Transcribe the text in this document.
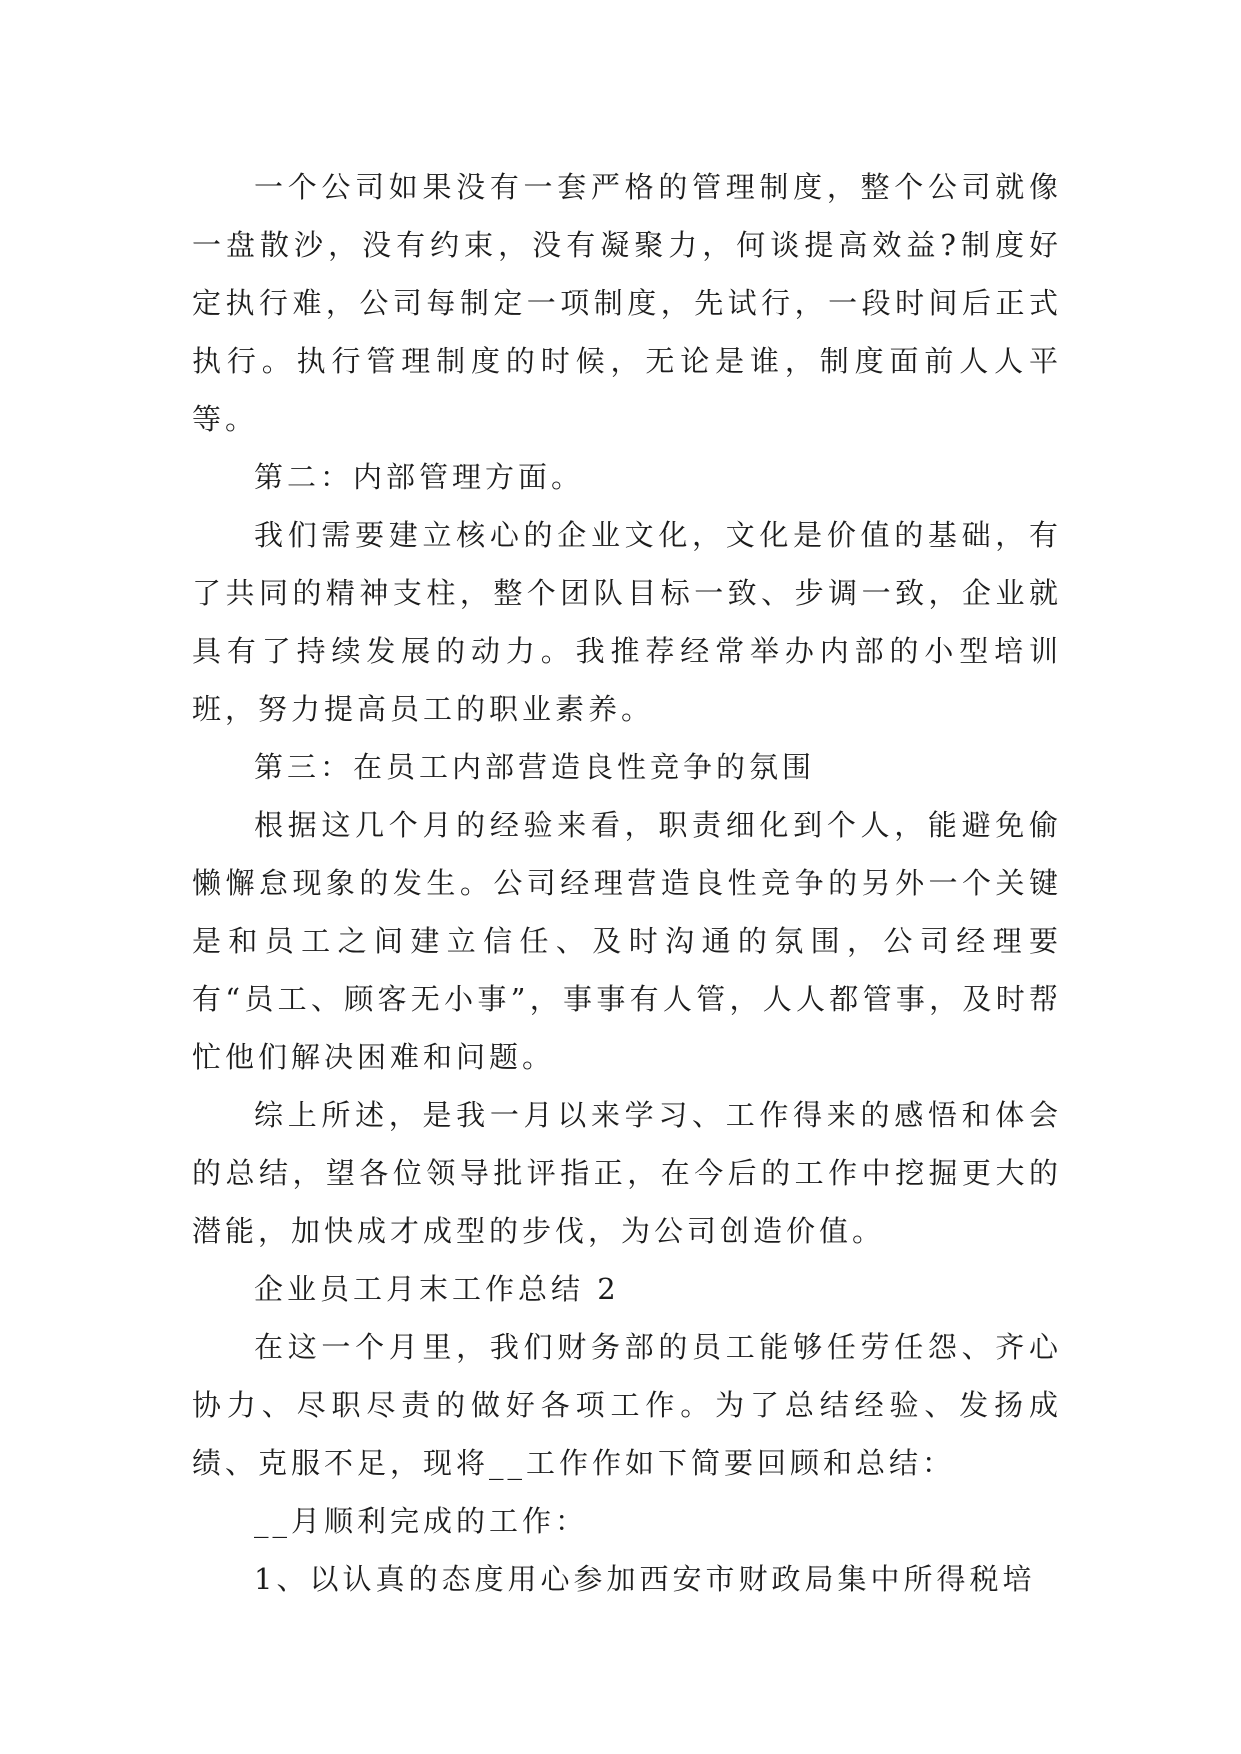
一个公司如果没有一套严格的管理制度，整个公司就像一盘散沙，没有约束，没有凝聚力，何谈提高效益?制度好定执行难，公司每制定一项制度，先试行，一段时间后正式执行。执行管理制度的时候，无论是谁，制度面前人人平等。

第二：内部管理方面。

我们需要建立核心的企业文化，文化是价值的基础，有了共同的精神支柱，整个团队目标一致、步调一致，企业就具有了持续发展的动力。我推荐经常举办内部的小型培训班，努力提高员工的职业素养。

第三：在员工内部营造良性竞争的氛围

根据这几个月的经验来看，职责细化到个人，能避免偷懒懈怠现象的发生。公司经理营造良性竞争的另外一个关键是和员工之间建立信任、及时沟通的氛围，公司经理要有“员工、顾客无小事”，事事有人管，人人都管事，及时帮忙他们解决困难和问题。

综上所述，是我一月以来学习、工作得来的感悟和体会的总结，望各位领导批评指正，在今后的工作中挖掘更大的潜能，加快成才成型的步伐，为公司创造价值。

企业员工月末工作总结 2

在这一个月里，我们财务部的员工能够任劳任怨、齐心协力、尽职尽责的做好各项工作。为了总结经验、发扬成绩、克服不足，现将__工作作如下简要回顾和总结：

__月顺利完成的工作：

1、以认真的态度用心参加西安市财政局集中所得税培
